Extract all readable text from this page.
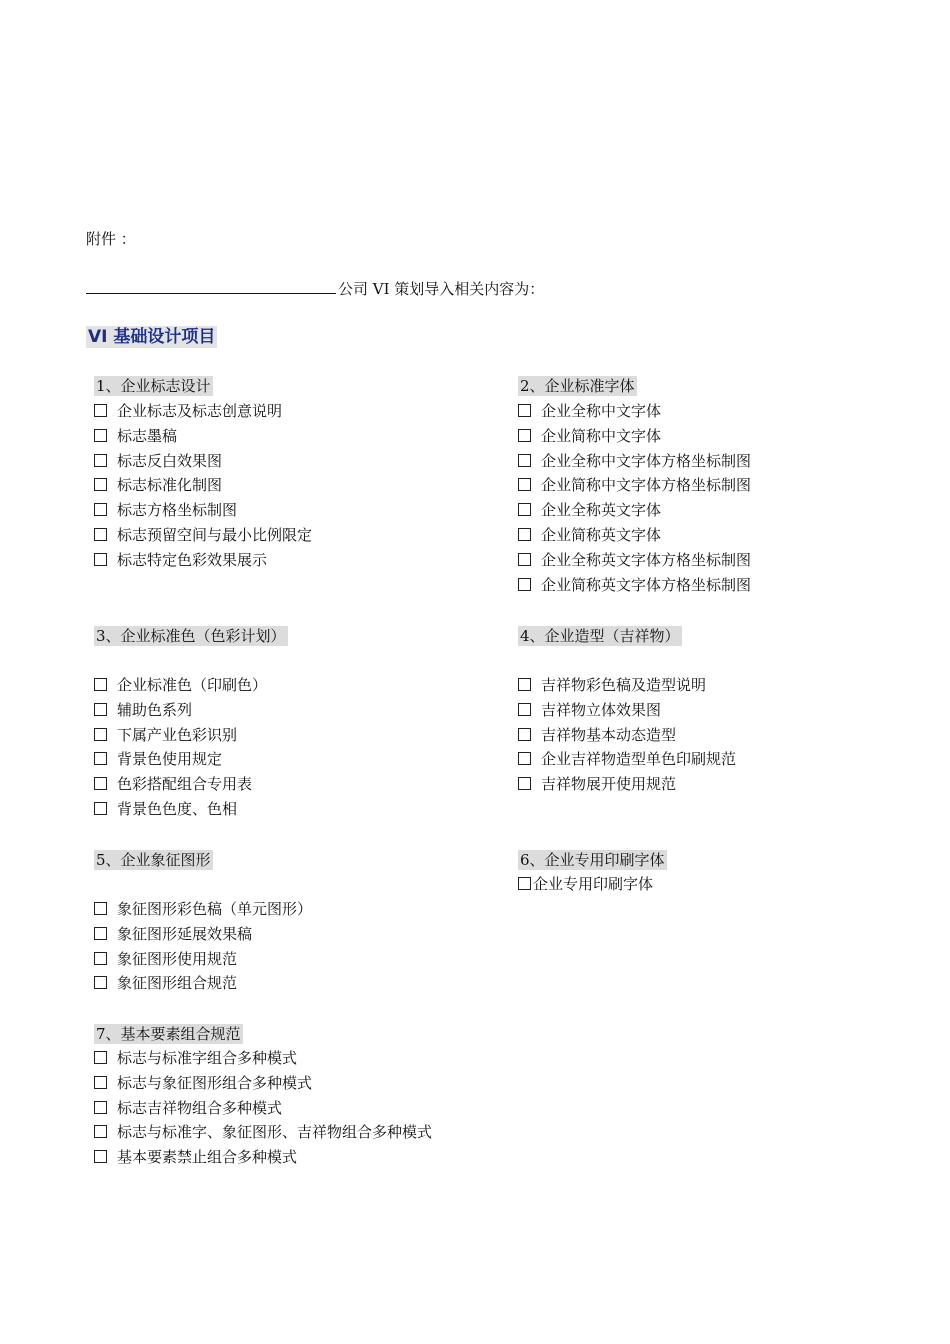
附件 ：
公司 VI 策划导入相关内容为：
VI 基础设计项目
1、企业标志设计
企业标志及标志创意说明
标志墨稿
标志反白效果图
标志标准化制图
标志方格坐标制图
标志预留空间与最小比例限定
标志特定色彩效果展示
2、企业标准字体
企业全称中文字体
企业简称中文字体
企业全称中文字体方格坐标制图
企业简称中文字体方格坐标制图
企业全称英文字体
企业简称英文字体
企业全称英文字体方格坐标制图
企业简称英文字体方格坐标制图
3、企业标准色（色彩计划）
企业标准色（印刷色）
辅助色系列
下属产业色彩识别
背景色使用规定
色彩搭配组合专用表
背景色色度、色相
4、企业造型（吉祥物）
吉祥物彩色稿及造型说明
吉祥物立体效果图
吉祥物基本动态造型
企业吉祥物造型单色印刷规范
吉祥物展开使用规范
5、企业象征图形
象征图形彩色稿（单元图形）
象征图形延展效果稿
象征图形使用规范
象征图形组合规范
6、企业专用印刷字体
企业专用印刷字体
7、基本要素组合规范
标志与标准字组合多种模式
标志与象征图形组合多种模式
标志吉祥物组合多种模式
标志与标准字、象征图形、吉祥物组合多种模式
基本要素禁止组合多种模式
